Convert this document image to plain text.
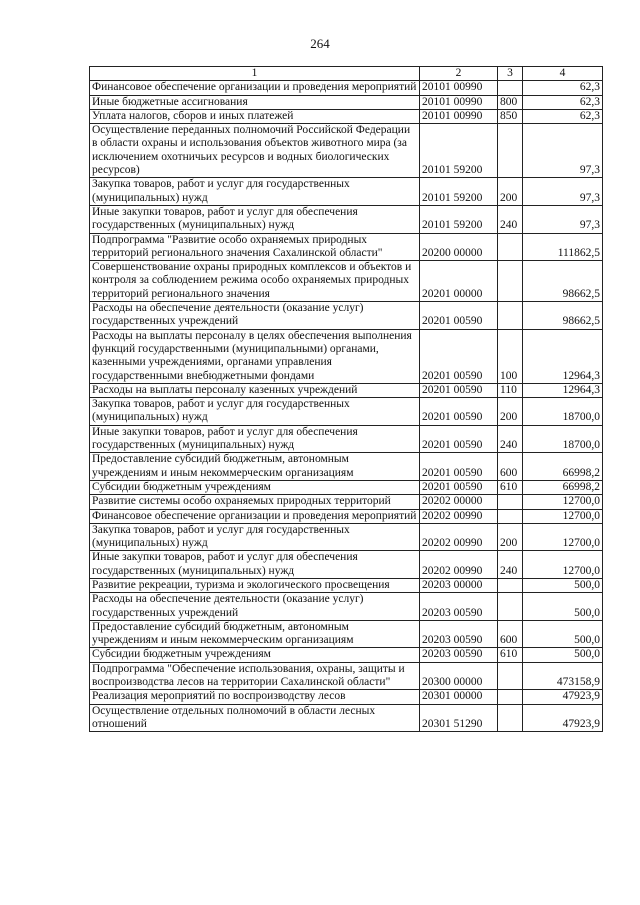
264
1	2	3	4
Финансовое обеспечение организации и проведения мероприятий	20101 00990		62,3
Иные бюджетные ассигнования	20101 00990	800	62,3
Уплата налогов, сборов и иных платежей	20101 00990	850	62,3
Осуществление переданных полномочий Российской Федерации в области охраны и использования объектов животного мира (за исключением охотничьих ресурсов и водных биологических ресурсов)	20101 59200		97,3
Закупка товаров, работ и услуг для государственных (муниципальных) нужд	20101 59200	200	97,3
Иные закупки товаров, работ и услуг для обеспечения государственных (муниципальных) нужд	20101 59200	240	97,3
Подпрограмма "Развитие особо охраняемых природных территорий регионального значения Сахалинской области"	20200 00000		111862,5
Совершенствование охраны природных комплексов и объектов и контроля за соблюдением режима особо охраняемых природных территорий регионального значения	20201 00000		98662,5
Расходы на обеспечение деятельности (оказание услуг) государственных учреждений	20201 00590		98662,5
Расходы на выплаты персоналу в целях обеспечения выполнения функций государственными (муниципальными) органами, казенными учреждениями, органами управления государственными внебюджетными фондами	20201 00590	100	12964,3
Расходы на выплаты персоналу казенных учреждений	20201 00590	110	12964,3
Закупка товаров, работ и услуг для государственных (муниципальных) нужд	20201 00590	200	18700,0
Иные закупки товаров, работ и услуг для обеспечения государственных (муниципальных) нужд	20201 00590	240	18700,0
Предоставление субсидий бюджетным, автономным учреждениям и иным некоммерческим организациям	20201 00590	600	66998,2
Субсидии бюджетным учреждениям	20201 00590	610	66998,2
Развитие системы особо охраняемых природных территорий	20202 00000		12700,0
Финансовое обеспечение организации и проведения мероприятий	20202 00990		12700,0
Закупка товаров, работ и услуг для государственных (муниципальных) нужд	20202 00990	200	12700,0
Иные закупки товаров, работ и услуг для обеспечения государственных (муниципальных) нужд	20202 00990	240	12700,0
Развитие рекреации, туризма и экологического просвещения	20203 00000		500,0
Расходы на обеспечение деятельности (оказание услуг) государственных учреждений	20203 00590		500,0
Предоставление субсидий бюджетным, автономным учреждениям и иным некоммерческим организациям	20203 00590	600	500,0
Субсидии бюджетным учреждениям	20203 00590	610	500,0
Подпрограмма "Обеспечение использования, охраны, защиты и воспроизводства лесов на территории Сахалинской области"	20300 00000		473158,9
Реализация мероприятий по воспроизводству лесов	20301 00000		47923,9
Осуществление отдельных полномочий в области лесных отношений	20301 51290		47923,9
